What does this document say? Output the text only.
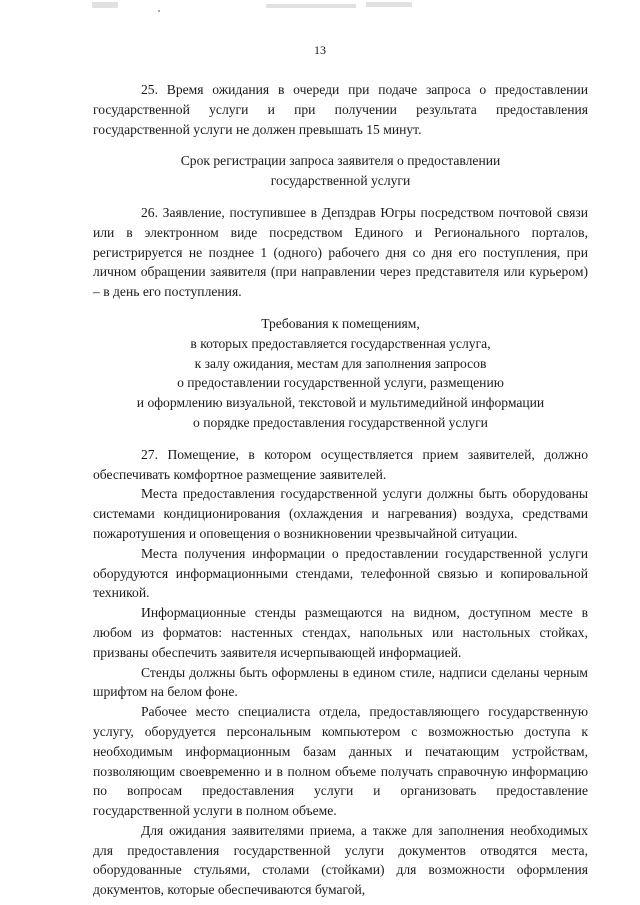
13

25. Время ожидания в очереди при подаче запроса о предоставлении государственной услуги и при получении результата предоставления государственной услуги не должен превышать 15 минут.

Срок регистрации запроса заявителя о предоставлении
государственной услуги

26. Заявление, поступившее в Депздрав Югры посредством почтовой связи или в электронном виде посредством Единого и Регионального порталов, регистрируется не позднее 1 (одного) рабочего дня со дня его поступления, при личном обращении заявителя (при направлении через представителя или курьером) – в день его поступления.

Требования к помещениям,
в которых предоставляется государственная услуга,
к залу ожидания, местам для заполнения запросов
о предоставлении государственной услуги, размещению
и оформлению визуальной, текстовой и мультимедийной информации
о порядке предоставления государственной услуги

27. Помещение, в котором осуществляется прием заявителей, должно обеспечивать комфортное размещение заявителей.

Места предоставления государственной услуги должны быть оборудованы системами кондиционирования (охлаждения и нагревания) воздуха, средствами пожаротушения и оповещения о возникновении чрезвычайной ситуации.

Места получения информации о предоставлении государственной услуги оборудуются информационными стендами, телефонной связью и копировальной техникой.

Информационные стенды размещаются на видном, доступном месте в любом из форматов: настенных стендах, напольных или настольных стойках, призваны обеспечить заявителя исчерпывающей информацией.

Стенды должны быть оформлены в едином стиле, надписи сделаны черным шрифтом на белом фоне.

Рабочее место специалиста отдела, предоставляющего государственную услугу, оборудуется персональным компьютером с возможностью доступа к необходимым информационным базам данных и печатающим устройствам, позволяющим своевременно и в полном объеме получать справочную информацию по вопросам предоставления услуги и организовать предоставление государственной услуги в полном объеме.

Для ожидания заявителями приема, а также для заполнения необходимых для предоставления государственной услуги документов отводятся места, оборудованные стульями, столами (стойками) для возможности оформления документов, которые обеспечиваются бумагой,
